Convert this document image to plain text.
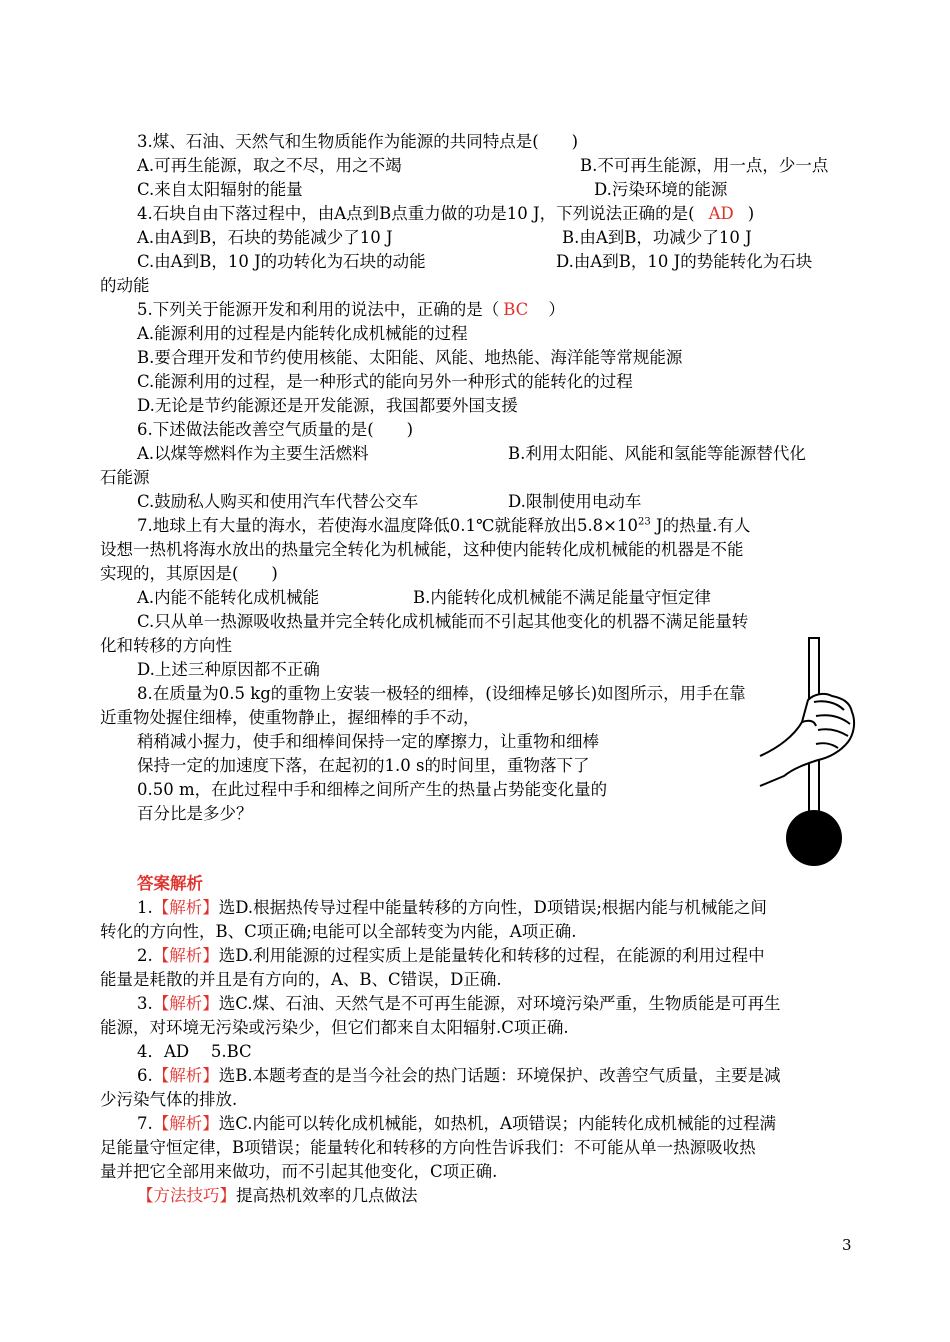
3.煤、石油、天然气和生物质能作为能源的共同特点是(　　)
A.可再生能源，取之不尽，用之不竭	B.不可再生能源，用一点，少一点
C.来自太阳辐射的能量	D.污染环境的能源
4.石块自由下落过程中，由A点到B点重力做的功是10 J，下列说法正确的是( AD )
A.由A到B，石块的势能减少了10 J	B.由A到B，功减少了10 J
C.由A到B，10 J的功转化为石块的动能	D.由A到B，10 J的势能转化为石块
的动能
5.下列关于能源开发和利用的说法中，正确的是（ BC ）
A.能源利用的过程是内能转化成机械能的过程
B.要合理开发和节约使用核能、太阳能、风能、地热能、海洋能等常规能源
C.能源利用的过程，是一种形式的能向另外一种形式的能转化的过程
D.无论是节约能源还是开发能源，我国都要外国支援
6.下述做法能改善空气质量的是(　　)
A.以煤等燃料作为主要生活燃料	B.利用太阳能、风能和氢能等能源替代化
石能源
C.鼓励私人购买和使用汽车代替公交车	D.限制使用电动车
7.地球上有大量的海水，若使海水温度降低0.1℃就能释放出$5.8\times 10^{23}$ J的热量.有人
设想一热机将海水放出的热量完全转化为机械能，这种使内能转化成机械能的机器是不能
实现的，其原因是(　　)
A.内能不能转化成机械能	B.内能转化成机械能不满足能量守恒定律
C.只从单一热源吸收热量并完全转化成机械能而不引起其他变化的机器不满足能量转
化和转移的方向性
D.上述三种原因都不正确
8.在质量为0.5 kg的重物上安装一极轻的细棒，(设细棒足够长)如图所示，用手在靠
近重物处握住细棒，使重物静止，握细棒的手不动，
稍稍减小握力，使手和细棒间保持一定的摩擦力，让重物和细棒
保持一定的加速度下落，在起初的1.0 s的时间里，重物落下了
0.50 m，在此过程中手和细棒之间所产生的热量占势能变化量的
百分比是多少？
答案解析
1.【解析】选D.根据热传导过程中能量转移的方向性，D项错误;根据内能与机械能之间
转化的方向性，B、C项正确;电能可以全部转变为内能，A项正确.
2.【解析】选D.利用能源的过程实质上是能量转化和转移的过程，在能源的利用过程中
能量是耗散的并且是有方向的，A、B、C错误，D正确.
3.【解析】选C.煤、石油、天然气是不可再生能源，对环境污染严重，生物质能是可再生
能源，对环境无污染或污染少，但它们都来自太阳辐射.C项正确.
4．AD　 5.BC
6.【解析】选B.本题考查的是当今社会的热门话题：环境保护、改善空气质量，主要是减
少污染气体的排放.
7.【解析】选C.内能可以转化成机械能，如热机，A项错误；内能转化成机械能的过程满
足能量守恒定律，B项错误；能量转化和转移的方向性告诉我们：不可能从单一热源吸收热
量并把它全部用来做功，而不引起其他变化，C项正确.
【方法技巧】提高热机效率的几点做法
3
